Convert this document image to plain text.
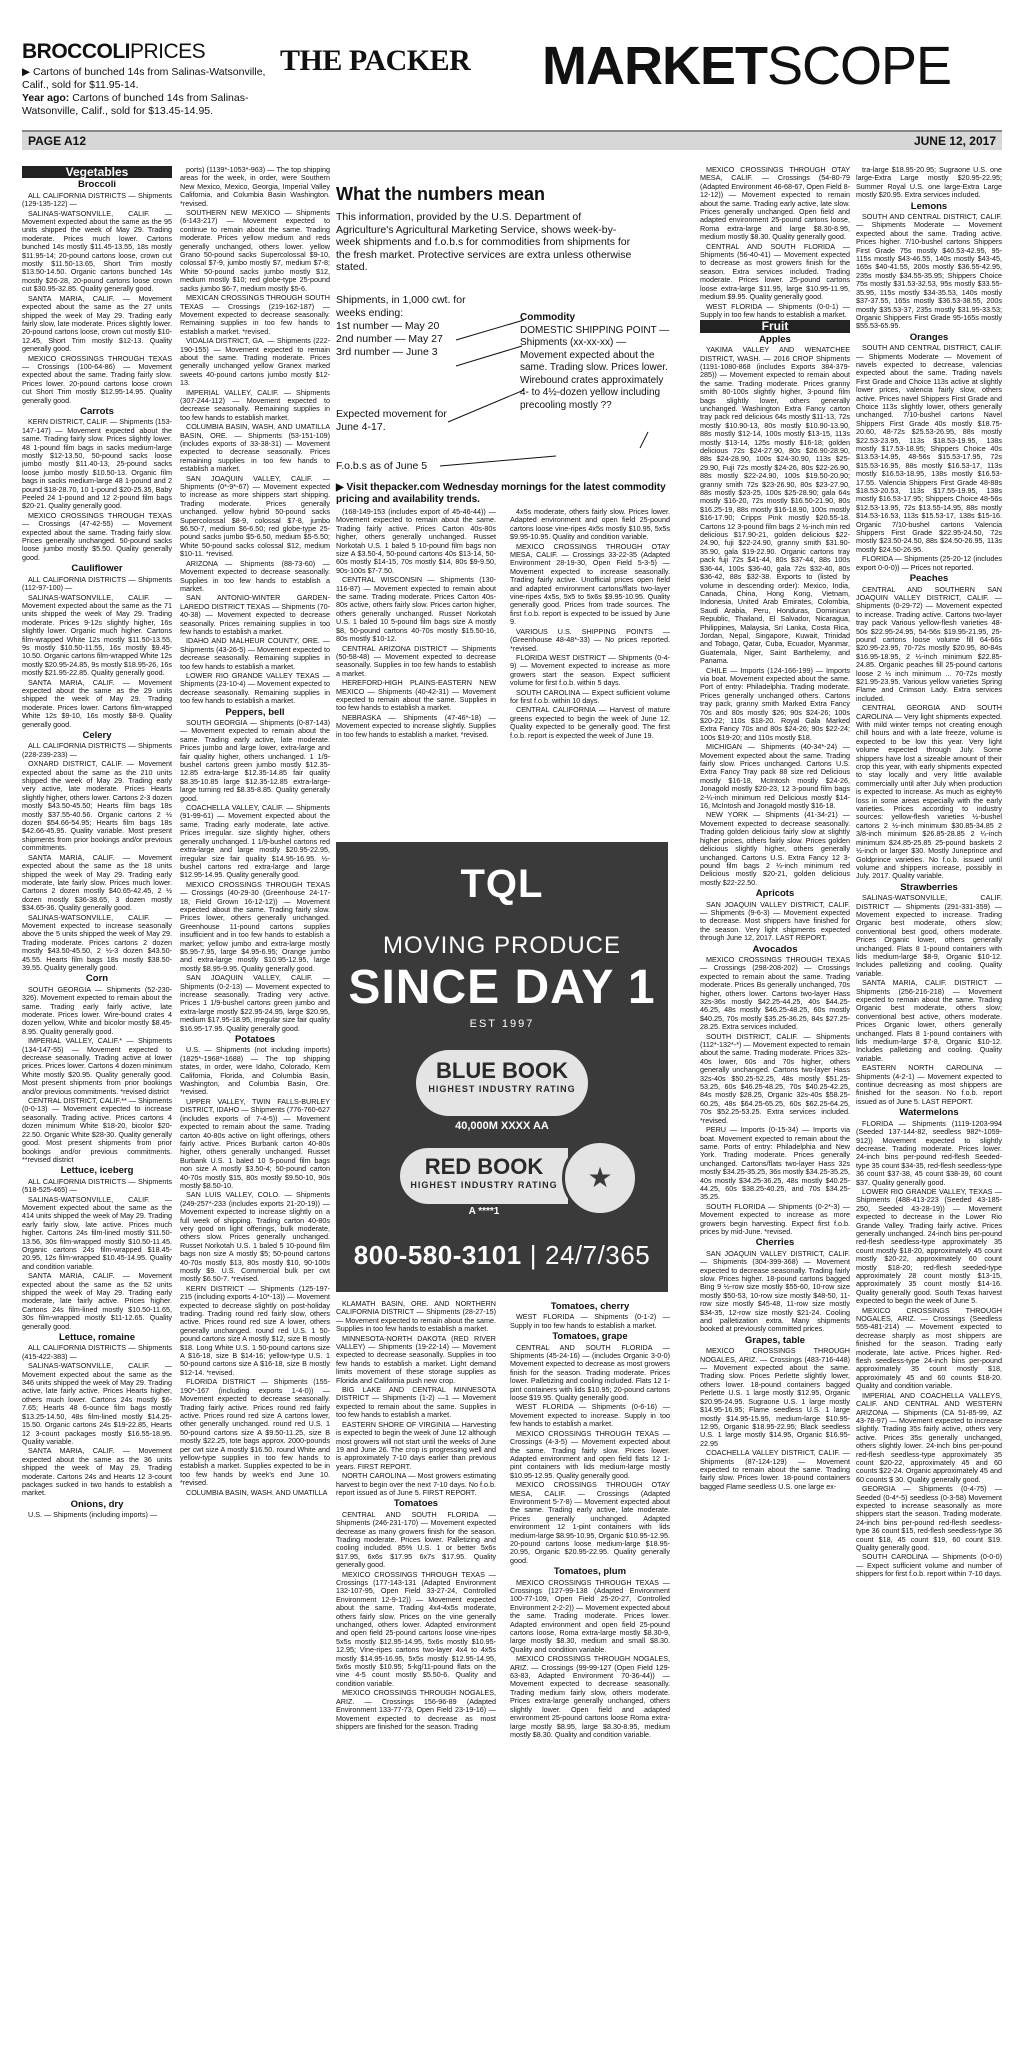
BROCCOLIPRICES
▶ Cartons of bunched 14s from Salinas-Watsonville, Calif., sold for $11.95-14.
Year ago: Cartons of bunched 14s from Salinas-Watsonville, Calif., sold for $13.45-14.95.
THE PACKER MARKETSCOPE
PAGE A12	JUNE 12, 2017
Vegetables
Broccoli

ALL CALIFORNIA DISTRICTS — Shipments (129-135-122) —

SALINAS-WATSONVILLE, CALIF. — Movement expected about the same as the 95 units shipped the week of May 29. Trading moderate. Prices much lower. Cartons bunched 14s mostly $11.45-13.55, 18s mostly $11.95-14; 20-pound cartons loose, crown cut mostly $11.50-13.65, Short Trim mostly $13.50-14.50. Organic cartons bunched 14s mostly $26-28, 20-pound cartons loose crown cut $30.95-32.85. Quality generally good.

SANTA MARIA, CALIF. — Movement expected about the same as the 27 units shipped the week of May 29. Trading early fairly slow, late moderate. Prices slightly lower. 20-pound cartons loose, crown cut mostly $10-12.45, Short Trim mostly $12-13. Quality generally good.

MEXICO CROSSINGS THROUGH TEXAS — Crossings (100-64-86) — Movement expected about the same. Trading fairly slow. Prices lower. 20-pound cartons loose crown cut Short Trim mostly $12.95-14.95. Quality generally good.

Carrots

KERN DISTRICT, CALIF. — Shipments (153-147-147) — Movement expected about the same. Trading fairly slow. Prices slightly lower. 48 1-pound film bags in sacks medium-large mostly $12-13.50, 50-pound sacks loose jumbo mostly $11.40-13, 25-pound sacks loose jumbo mostly $10.50-13. Organic film bags in sacks medium-large 48 1-pound and 2 pound $18-28.70, 10 1-pound $20-25.35, Baby Peeled 24 1-pound and 12 2-pound film bags $20-21. Quality generally good.

MEXICO CROSSINGS THROUGH TEXAS — Crossings (47-42-55) — Movement expected about the same. Trading fairly slow. Prices generally unchanged. 50-pound sacks loose jumbo mostly $5.50. Quality generally good.

Cauliflower

ALL CALIFORNIA DISTRICTS — Shipments (112-97-100) —

SALINAS-WATSONVILLE, CALIF. — Movement expected about the same as the 71 units shipped the week of May 29. Trading moderate. Prices 9-12s slightly higher, 16s slightly lower. Organic much higher. Cartons film-wrapped White 12s mostly $11.50-13.55, 9s mostly $10.50-11.55, 16s mostly $9.45-10.50. Organic cartons film-wrapped White 12s mostly $20.95-24.85, 9s mostly $18.95-26, 16s mostly $21.95-22.85. Quality generally good.

SANTA MARIA, CALIF. — Movement expected about the same as the 29 units shipped the week of May 29. Trading moderate. Prices lower. Cartons film-wrapped White 12s $9-10, 16s mostly $8-9. Quality generally good.

Celery

ALL CALIFORNIA DISTRICTS — Shipments (228-239-233) —

OXNARD DISTRICT, CALIF. — Movement expected about the same as the 210 units shipped the week of May 29. Trading early very active, late moderate. Prices Hearts slightly higher, others lower. Cartons 2-3 dozen mostly $43.50-45.50; Hearts film bags 18s mostly $37.55-40.56. Organic cartons 2 ½ dozen $54.66-54.95; Hearts film bags 18s $42.66-45.95. Quality variable. Most present shipments from prior bookings and/or previous commitments.

SANTA MARIA, CALIF. — Movement expected about the same as the 18 units shipped the week of May 29. Trading early moderate, late fairly slow. Prices much lower. Cartons 2 dozen mostly $40.65-42.45, 2 ½ dozen mostly $36-38.65, 3 dozen mostly $34.65-36. Quality generally good.

SALINAS-WATSONVILLE, CALIF. — Movement expected to increase seasonally above the 5 units shipped the week of May 29. Trading moderate. Prices cartons 2 dozen mostly $43.50-45.50, 2 ½-3 dozen $43.50-45.55. Hearts film bags 18s mostly $38.50-39.55. Quality generally good.

Corn

SOUTH GEORGIA — Shipments (52-230-326). Movement expected to remain about the same. Trading early fairly active, late moderate. Prices lower. Wire-bound crates 4 dozen yellow, White and bicolor mostly $8.45-8.95. Quality generally good.

IMPERIAL VALLEY, CALIF.* — Shipments (134-147-55) — Movement expected to decrease seasonally. Trading active at lower prices. Prices lower. Cartons 4 dozen minimum White mostly $20.95. Quality generally good. Most present shipments from prior bookings and/or previous commitments. *revised district

CENTRAL DISTRICT, CALIF.** — Shipments (0-0-13) — Movement expected to increase seasonally. Trading active. Prices cartons 4 dozen minimum White $18-20, bicolor $20-22.50. Organic White $28-30. Quality generally good. Most present shipments from prior bookings and/or previous commitments. **revised district

Lettuce, iceberg

ALL CALIFORNIA DISTRICTS — Shipments (518-525-465) —

SALINAS-WATSONVILLE, CALIF. — Movement expected about the same as the 414 units shipped the week of May 29. Trading early fairly slow, late active. Prices much higher. Cartons 24s film-lined mostly $11.50-13.56, 30s film-wrapped mostly $10.50-11.45. Organic cartons 24s film-wrapped $18.45-20.95, 12s film-wrapped $10.45-14.95. Quality and condition variable.

SANTA MARIA, CALIF. — Movement expected about the same as the 52 units shipped the week of May 29. Trading early moderate, late fairly active. Prices higher. Cartons 24s film-lined mostly $10.50-11.65, 30s film-wrapped mostly $11-12.65. Quality generally good.

Lettuce, romaine

ALL CALIFORNIA DISTRICTS — Shipments (415-422-383) —

SALINAS-WATSONVILLE, CALIF. — Movement expected about the same as the 346 units shipped the week of May 29. Trading active, late fairly active. Prices Hearts higher, others much lower. Cartons 24s mostly $6-7.65; Hearts 48 6-ounce film bags mostly $13.25-14.50, 48s film-lined mostly $14.25-15.50. Organic cartons 24s $19-22.85, Hearts 12 3-count packages mostly $16.55-18.95. Quality variable.

SANTA MARIA, CALIF. — Movement expected about the same as the 36 units shipped the week of May 29. Trading moderate. Cartons 24s and Hearts 12 3-count packages sucked in two hands to establish a market.

Onions, dry

U.S. — Shipments (including imports) —

ports) (1139*-1053*-963) — The top shipping areas for the week, in order, were Southern New Mexico, Mexico, Georgia, Imperial Valley California, and Columbia Basin Washington. *revised.

SOUTHERN NEW MEXICO — Shipments (6-143-217) — Movement expected to continue to remain about the same. Trading moderate. Prices yellow medium and reds generally unchanged, others lower. yellow Grano 50-pound sacks Supercolossal $9-10, colossal $7-9, jumbo mostly $7, medium $7-8; White 50-pound sacks jumbo mostly $12, medium mostly $10; red globe-type 25-pound sacks jumbo $6-7, medium mostly $5-6.

MEXICAN CROSSINGS THROUGH SOUTH TEXAS — Crossings (219-162-187) — Movement expected to decrease seasonally. Remaining supplies in too few hands to establish a market. *revised.

VIDALIA DISTRICT, GA. — Shipments (222-190-155) — Movement expected to remain about the same. Trading moderate. Prices generally unchanged yellow Granex marked sweets 40-pound cartons jumbo mostly $12-13.

IMPERIAL VALLEY, CALIF. — Shipments (307-244-112) — Movement expected to decrease seasonally. Remaining supplies in too few hands to establish market.

COLUMBIA BASIN, WASH. AND UMATILLA BASIN, ORE. — Shipments (53-151-109) (includes exports of 33-38-31) — Movement expected to decrease seasonally. Prices remaining supplies in too few hands to establish a market.

SAN JOAQUIN VALLEY, CALIF. — Shipments (0*-9*-67) — Movement expected to increase as more shippers start shipping. Trading moderate. Prices generally unchanged. yellow hybrid 50-pound sacks Supercolossal $8-9, colossal $7-8, jumbo $6.50-7, medium $6-6.50; red globe-type 25-pound sacks jumbo $5-6.50, medium $5-5.50; White 50-pound sacks colossal $12, medium $10-11. *revised.

ARIZONA — Shipments (88-73-60) — Movement expected to decrease seasonally. Supplies in too few hands to establish a market.

SAN ANTONIO-WINTER GARDEN-LAREDO DISTRICT TEXAS — Shipments (70-40-38) — Movement expected to decrease seasonally. Prices remaining supplies in too few hands to establish a market.

IDAHO AND MALHEUR COUNTY, ORE. — Shipments (43-26-5) — Movement expected to decrease seasonally. Remaining supplies in too few hands to establish a market.

LOWER RIO GRANDE VALLEY TEXAS — Shipments (23-10-4) — Movement expected to decrease seasonally. Remaining supplies in too few hands to establish a market.

Peppers, bell

SOUTH GEORGIA — Shipments (0-87-143) — Movement expected to remain about the same. Trading early active, late moderate. Prices jumbo and large lower, extra-large and fair quality higher, others unchanged. 1 1/9-bushel cartons green jumbo mostly $12.35-12.85 extra-large $12.35-14.85 fair quality $8.35-10.85 large $12.35-12.85 extra-large-large turning red $8.35-8.85. Quality generally good.

COACHELLA VALLEY, CALIF. — Shipments (91-99-61) — Movement expected about the same. Trading early moderate, late active. Prices irregular. size slightly higher, others generally unchanged. 1 1/9-bushel cartons red extra-large and large mostly $20.95-22.95, irregular size fair quality $14.95-16.95. ½-bushel cartons red extra-large and large $12.95-14.95. Quality generally good.

MEXICO CROSSINGS THROUGH TEXAS — Crossings (40-29-30 (Greenhouse 24-17- 18, Field Grown 16-12-12)) — Movement expected about the same. Trading fairly slow. Prices lower, others generally unchanged. Greenhouse 11-pound cartons supplies insufficient and in too few hands to establish a market; yellow jumbo and extra-large mostly $5.95-7.95, large $4.95-6.95; Orange jumbo and extra-large mostly $10.95-12.95, large mostly $8.95-9.95. Quality generally good.

SAN JOAQUIN VALLEY, CALIF. — Shipments (0-2-13) — Movement expected to increase seasonally. Trading very active. Prices 1 1/9-bushel cartons green jumbo and extra-large mostly $22.95-24.95, large $20.95, medium $17.95-18.95, irregular size fair quality $16.95-17.95. Quality generally good.

Potatoes

U.S. — Shipments (not including imports) (1825*-1968*-1688) — The top shipping states, in order, were Idaho, Colorado, Kern California, Florida, and Columbia Basin, Washington, and Columbia Basin, Ore. *revised.

UPPER VALLEY, TWIN FALLS-BURLEY DISTRICT, IDAHO — Shipments (776-760-627 (includes exports of 7-4-5)) — Movement expected to remain about the same. Trading carton 40-80s active on light offerings, others fairly active. Prices Burbank carton 40-80s higher, others generally unchanged. Russet Burbank U.S. 1 baled 10 5-pound film bags non size A mostly $3.50-4; 50-pound carton 40-70s mostly $15, 80s mostly $9.50-10, 90s mostly $8.50-10.

SAN LUIS VALLEY, COLO. — Shipments (249-257*-233 (includes exports 21-20-19)) — Movement expected to increase slightly on a full week of shipping. Trading carton 40-80s very good on light offerings, bulk moderate, others slow. Prices generally unchanged. Russet Norkotah U.S. 1 baled 5 10-pound film bags non size A mostly $5; 50-pound cartons 40-70s mostly $13, 80s mostly $10, 90-100s mostly $9. U.S. Commercial bulk per cwt mostly $6.50-7. *revised.

KERN DISTRICT — Shipments (125-197-215 (including exports 4-10*-13)) — Movement expected to decrease slightly on post-holiday trading. Trading round red fairly slow, others active. Prices round red size A lower, others generally unchanged. round red U.S. 1 50-pound cartons size A mostly $12, size B mostly $18. Long White U.S. 1 50-pound cartons size A $16-18, size B $14-16; yellow-type U.S. 1 50-pound cartons size A $16-18, size B mostly $12-14. *revised.

FLORIDA DISTRICT — Shipments (155-190*-167 (including exports 1-4-0)) — Movement expected to decrease seasonally. Trading fairly active. Prices round red fairly active. Prices round red size A cartons lower, other generally unchanged. round red U.S. 1 50-pound cartons size A $9.50-11.25, size B mostly $22.25, tote bags approx. 2000-pounds per cwt size A mostly $16.50. round White and yellow-type supplies in too few hands to establish a market. Supplies expected to be in too few hands by week's end June 10. *revised.

COLUMBIA BASIN, WASH. AND UMATILLA

What the numbers mean
This information, provided by the U.S. Department of Agriculture's Agricultural Marketing Service, shows week-by-week shipments and f.o.b.s for commodities from shipments for the fresh market. Protective services are extra unless otherwise stated.
Shipments, in 1,000 cwt. for weeks ending:
1st number — May 20
2nd number — May 27
3rd number — June 3
Commodity
DOMESTIC SHIPPING POINT — Shipments (xx-xx-xx) — Movement expected about the same. Trading slow. Prices lower. Wirebound crates approximately 4- to 4½-dozen yellow including precooling mostly ??
Expected movement for June 4-17.
F.o.b.s as of June 5
▶ Visit thepacker.com Wednesday mornings for the latest commodity pricing and availability trends.

(168-149-153 (includes export of 45-46-44)) — Movement expected to remain about the same. Trading fairly active. Prices Carton 40s-80s higher, others generally unchanged. Russet Norkotah U.S. 1 baled 5 10-pound film bags non size A $3.50-4, 50-pound cartons 40s $13-14, 50-60s mostly $14-15, 70s mostly $14, 80s $9-9.50, 90s-100s $7-7.50.

CENTRAL WISCONSIN — Shipments (130-116-87) — Movement expected to remain about the same. Trading moderate. Prices Carton 40s-80s active, others fairly slow. Prices carton higher, others generally unchanged. Russet Norkotah U.S. 1 baled 10 5-pound film bags size A mostly $8, 50-pound cartons 40-70s mostly $15.50-16, 80s mostly $10-12.

CENTRAL ARIZONA DISTRICT — Shipments (50-58-48) — Movement expected to decrease seasonally. Supplies in too few hands to establish a market.

HEREFORD-HIGH PLAINS-EASTERN NEW MEXICO — Shipments (40-42-31) — Movement expected to remain about the same. Supplies in too few hands to establish a market.

NEBRASKA — Shipments (47-46*-18) — Movement expected to increase slightly. Supplies in too few hands to establish a market. *revised.

KLAMATH BASIN, ORE. AND NORTHERN CALIFORNIA DISTRICT — Shipments (28-27-15) — Movement expected to remain about the same. Supplies in too few hands to establish a market.

MINNESOTA-NORTH DAKOTA (RED RIVER VALLEY) — Shipments (19-22-14) — Movement expected to decrease seasonally. Supplies in too few hands to establish a market. Light demand limits movement of these storage supplies as Florida and California push new crop.

BIG LAKE AND CENTRAL MINNESOTA DISTRICT — Shipments (1-2) —1 — Movement expected to remain about the same. Supplies in too few hands to establish a market.

EASTERN SHORE OF VIRGINIA — Harvesting is expected to begin the week of June 12 although most growers will not start until the weeks of June 19 and June 26. The crop is progressing well and is approximately 7-10 days earlier than previous years. FIRST REPORT.

NORTH CAROLINA — Most growers estimating harvest to begin over the next 7-10 days. No f.o.b. report issued as of June 5. FIRST REPORT.

Tomatoes

CENTRAL AND SOUTH FLORIDA — Shipments (246-231-170) — Movement expected decrease as many growers finish for the season. Trading moderate. Prices lower. Palletizing and cooling included. 85% U.S. 1 or better 5x6s $17.95, 6x6s $17.95 6x7s $17.95. Quality generally good.

MEXICO CROSSINGS THROUGH TEXAS — Crossings (177-143-131 (Adapted Environment 132-107-95, Open Field 33-27-24, Controlled Environment 12-9-12)) — Movement expected about the same. Trading 4x4-4x5s moderate, others fairly slow. Prices on the vine generally unchanged, others lower. Adapted environment and open field 25-pound cartons loose vine-ripes 5x5s mostly $12.95-14.95, 5x6s mostly $10.95-12.95; Vine-ripes cartons two-layer 4x4 to 4x5s mostly $14.95-16.95, 5x5s mostly $12.95-14.95, 5x6s mostly $10.95; 5-kg/11-pound flats on the vine 4-5 count mostly $5.50-6. Quality and condition variable.

MEXICO CROSSINGS THROUGH NOGALES, ARIZ. — Crossings 156-96-89 (Adapted Environment 133-77-73, Open Field 23-19-16) — Movement expected to decrease as most shippers are finished for the season. Trading

4x5s moderate, others fairly slow. Prices lower. Adapted environment and open field 25-pound cartons loose vine-ripes 4x5s mostly $10.95, 5x5s $9.95-10.95. Quality and condition variable.

MEXICO CROSSINGS THROUGH OTAY MESA, CALIF. — Crossings 33-22-35 (Adapted Environment 28-19-30, Open Field 5-3-5) — Movement expected to increase seasonally. Trading fairly active. Unofficial prices open field and adapted environment cartons/flats two-layer vine-ripes 4x5s, 5x5 to 5x6s $9.95-10.95. Quality generally good. Prices from trade sources. The first f.o.b. report is expected to be issued by June 9.

VARIOUS U.S. SHIPPING POINTS — (Greenhouse 48-48*-33) — No prices reported. *revised.

FLORIDA WEST DISTRICT — Shipments (0-4-9) — Movement expected to increase as more growers start the season. Expect sufficient volume for first f.o.b. within 5 days.

SOUTH CAROLINA — Expect sufficient volume for first f.o.b. within 10 days.

CENTRAL CALIFORNIA — Harvest of mature greens expected to begin the week of June 12. Quality expected to be generally good. The first f.o.b. report is expected the week of June 19.

Tomatoes, cherry

WEST FLORIDA — Shipments (0-1-2) — Supply in too few hands to establish a market.

Tomatoes, grape

CENTRAL AND SOUTH FLORIDA — Shipments (45-24-16) — (includes Organic 3-0-0) Movement expected to decrease as most growers finish for the season. Trading moderate. Prices lower. Palletizing and cooling included. Flats 12 1-pint containers with lids $10.95; 20-pound cartons loose $19.95. Quality generally good.

WEST FLORIDA — Shipments (0-6-16) — Movement expected to increase. Supply in too few hands to establish a market.

MEXICO CROSSINGS THROUGH TEXAS — Crossings (4-3-5) — Movement expected about the same. Trading fairly slow. Prices lower. Adapted environment and open field flats 12 1-pint containers with lids medium-large mostly $10.95-12.95. Quality generally good.

MEXICO CROSSINGS THROUGH OTAY MESA, CALIF. — Crossings (Adapted Environment 5-7-8) — Movement expected about the same. Trading early active, late moderate. Prices generally unchanged. Adapted environment 12 1-pint containers with lids medium-large $8.95-10.95, Organic $10.95-12.95. 20-pound cartons loose medium-large $18.95-20.95, Organic $20.95-22.95. Quality generally good.

Tomatoes, plum

MEXICO CROSSINGS THROUGH TEXAS — Crossings (127-99-138 (Adapted Environment 100-77-109, Open Field 25-20-27, Controlled Environment 2-2-2)) — Movement expected about the same. Trading moderate. Prices lower. Adapted environment and open field 25-pound cartons loose, Roma extra-large mostly $8.30-9, large mostly $8.30, medium and small $8.30. Quality and condition variable.

MEXICO CROSSINGS THROUGH NOGALES, ARIZ. — Crossings (99-99-127 (Open Field 129-63-83, Adapted Environment 70-36-44)) — Movement expected to decrease seasonally. Trading medium fairly slow, others moderate. Prices extra-large generally unchanged, others slightly lower. Open field and adapted environment 25-pound cartons loose Roma extra-large mostly $8.95, large $8.30-8.95, medium mostly $8.30. Quality and condition variable.

TQL
MOVING PRODUCE
SINCE DAY 1
EST 1997
BLUE BOOK
HIGHEST INDUSTRY RATING
40,000M XXXX AA
RED BOOK
HIGHEST INDUSTRY RATING
A ****1
★
800-580-3101 | 24/7/365

MEXICO CROSSINGS THROUGH OTAY MESA, CALIF. — Crossings (54-80-79 (Adapted Environment 46-68-67, Open Field 8-12-12)) — Movement expected to remain about the same. Trading early active, late slow. Prices generally unchanged. Open field and adapted environment 25-pound cartons loose, Roma extra-large and large $8.30-8.95, medium mostly $8.30. Quality generally good.

CENTRAL AND SOUTH FLORIDA — Shipments (56-40-41) — Movement expected to decrease as most growers finish for the season. Extra services included. Trading moderate. Prices lower. 25-pound cartons loose extra-large $11.95, large $10.95-11.95, medium $9.95. Quality generally good.

WEST FLORIDA — Shipments (0-0-1) — Supply in too few hands to establish a market.

Fruit
Apples

YAKIMA VALLEY AND WENATCHEE DISTRICT, WASH. — 2016 CROP Shipments (1191-1080-868 (includes Exports 384-379-285)) — Movement expected to remain about the same. Trading moderate. Prices granny smith 80-100s slightly higher, 3-pound film bags slightly lower, others generally unchanged. Washington Extra Fancy carton tray pack red delicious 64s mostly $11-13, 72s mostly $10.90-13, 80s mostly $10.90-13.90, 88s mostly $12-14, 100s mostly $13-15, 113s mostly $13-14, 125s mostly $16-18; golden delicious 72s $24-27.90, 80s $26.90-28.90, 88s $24-28.90, 100s $24-30.90, 113s $25-29.90, Fuji 72s mostly $24-26, 80s $22-26.90, 88s mostly $22-24.90, 100s $19.50-20.90; granny smith 72s $23-26.90, 80s $23-27.90, 88s mostly $23-25, 100s $25-28.90; gala 64s mostly $16-20, 72s mostly $16.50-21.90, 80s $16.25-19, 88s mostly $16-18.90, 100s mostly $16-17.90; Cripps Pink mostly $20.55-18. Cartons 12 3-pound film bags 2 ½-inch min red delicious $17.90-21, golden delicious $22-24.90, fuji $22-24.90, granny smith $31.90-35.90, gala $19-22.90. Organic cartons tray pack fuji 72s $41-44, 80s $37-44, 88s 100s $36-44, 100s $36-40, gala 72s $32-40, 80s $36-42, 88s $32-38. Exports to (listed by volume in descending order): Mexico, India, Canada, China, Hong Kong, Vietnam, Indonesia, United Arab Emirates, Colombia, Saudi Arabia, Peru, Honduras, Dominican Republic, Thailand, El Salvador, Nicaragua, Philippines, Malaysia, Sri Lanka, Costa Rica, Jordan, Nepal, Singapore, Kuwait, Trinidad and Tobago, Qatar, Cuba, Ecuador, Myanmar, Guatemala, Niger, Saint Barthelemy, and Panama.

CHILE — Imports (124-166-199) — Imports via boat. Movement expected about the same. Port of entry: Philadelphia. Trading moderate. Prices generally unchanged others. Cartons tray pack, granny smith Marked Extra Fancy 70s and 80s mostly $26; 90s $24-26; 100s $20-22; 110s $18-20. Royal Gala Marked Extra Fancy 70s and 80s $24-26; 90s $22-24; 100s $19-20; and 110s mostly $18.

MICHIGAN — Shipments (40-34*-24) — Movement expected about the same. Trading fairly slow. Prices unchanged. Cartons U.S. Extra Fancy Tray pack 88 size red Delicious mostly $16-18, McIntosh mostly $24-26, Jonagold mostly $20-23, 12 3-pound film bags 2-¼-inch minimum red Delicious mostly $14-16, McIntosh and Jonagold mostly $16-18.

NEW YORK — Shipments (41-34-21) — Movement expected to decrease seasonally. Trading golden delicious fairly slow at slightly higher prices, others fairly slow. Prices golden delicious slightly higher, others generally unchanged. Cartons U.S. Extra Fancy 12 3-pound film bags 2 ¼-inch minimum red Delicious mostly $20-21, golden delicious mostly $22-22.50.

Apricots

SAN JOAQUIN VALLEY DISTRICT, CALIF. — Shipments (9-6-3) — Movement expected to decrease. Most shippers have finished for the season. Very light shipments expected through June 12, 2017. LAST REPORT.

Avocados

MEXICO CROSSINGS THROUGH TEXAS — Crossings (298-208-202) — Crossings expected to remain about the same. Trading moderate. Prices Bs generally unchanged, 70s higher, others lower. Cartons two-layer Hass 32s-36s mostly $42.25-44.25, 40s $44.25-46.25, 48s mostly $46.25-48.25, 60s mostly $40.25, 70s mostly $35.25-36.25, 84s $27.25-28.25. Extra services included.

SOUTH DISTRICT, CALIF. — Shipments (112*-132*-*) — Movement expected to remain about the same. Trading moderate. Prices 32s-40s lower, 60s and 70s higher, others generally unchanged. Cartons two-layer Hass 32s-40s $50.25-52.25, 48s mostly $51.25-53.25, 60s $46.25-48.25, 70s $40.25-42.25, 84s mostly $28.25, Organic 32s-40s $58.25-60.25, 48s $64.25-65.25, 60s $62.25-64.25, 70s $52.25-53.25. Extra services included. *revised.

PERU — Imports (0-15-34) — Imports via boat. Movement expected to remain about the same. Ports of entry: Philadelphia and New York. Trading moderate. Prices generally unchanged. Cartons/flats two-layer Hass 32s mostly $34.25-35.25, 36s mostly $34.25-35.25, 40s mostly $34.25-36.25, 48s mostly $40.25-44.25, 60s $38.25-40.25, and 70s $34.25-35.25.

SOUTH FLORIDA — Shipments (0-2*-3) — Movement expected to increase as more growers begin harvesting. Expect first f.o.b. prices by mid-June. *revised.

Cherries

SAN JOAQUIN VALLEY DISTRICT, CALIF. — Shipments (304-399-368) — Movement expected to decrease seasonally. Trading fairly slow. Prices higher. 18-pound cartons bagged Bing 9 ½-row size mostly $55-60, 10-row size mostly $50-53, 10-row size mostly $48-50, 11-row size mostly $45-48, 11-row size mostly $34-35, 12-row size mostly $21-24. Cooling and palletization extra. Many shipments booked at previously committed prices.

Grapes, table

MEXICO CROSSINGS THROUGH NOGALES, ARIZ. — Crossings (483-716-448) — Movement expected about the same. Trading slow. Prices Perlette slightly lower, others lower. 18-pound containers bagged Perlette U.S. 1 large mostly $12.95, Organic $20.95-24.95. Sugraone U.S. 1 large mostly $14.95-16.95; Flame seedless U.S. 1 large mostly $14.95-15.95, medium-large $10.95-12.95, Organic $18.95-22.95; Black seedless U.S. 1 large mostly $14.95, Organic $16.95-22.95

COACHELLA VALLEY DISTRICT, CALIF. — Shipments (87-124-129) — Movement expected to remain about the same. Trading fairly slow. Prices lower. 18-pound containers bagged Flame seedless U.S. one large ex-

tra-large $18.95-20.95; Sugraone U.S. one large-Extra Large mostly $20.95-22.95; Summer Royal U.S. one large-Extra Large mostly $20.95. Extra services included.

Lemons

SOUTH AND CENTRAL DISTRICT, CALIF. — Shipments Moderate — Movement expected about the same. Trading active. Prices higher. 7/10-bushel cartons Shippers First Grade 75s mostly $40.53-42.95, 95-115s mostly $43-46.55, 140s mostly $43-45, 165s $40-41.55, 200s mostly $36.55-42.95, 235s mostly $34.55-35.95; Shippers Choice 75s mostly $31.53-32.53, 95s mostly $33.55-35.95, 115s mostly $34-35.53, 140s mostly $37-37.55, 165s mostly $36.53-38.55, 200s mostly $35.53-37, 235s mostly $31.95-33.53; Organic Shippers First Grade 95-165s mostly $55.53-65.95.

Oranges

SOUTH AND CENTRAL DISTRICT, CALIF. — Shipments Moderate — Movement of navels expected to decrease, valencias expected about the same. Trading navels First Grade and Choice 113s active at slightly lower prices, valencia fairly slow, others active. Prices navel Shippers First Grade and Choice 113s slightly lower, others generally unchanged. 7/10-bushel cartons Navel Shippers First Grade 40s mostly $18.75-20.60, 48-72s $25.53-26.95, 88s mostly $22.53-23.95, 113s $18.53-19.95, 138s mostly $17.53-18.95; Shippers Choice 40s $13.53-14.95, 48-56s $15.53-17.95, 72s $15.53-16.95, 88s mostly $16.53-17, 113s mostly $16.53-18.95, 138s mostly $16.53-17.55. Valencia Shippers First Grade 48-88s $18.53-20.53, 113s $17.55-19.95, 138s mostly $16.53-17.95; Shippers Choice 48-56s $12.53-13.95, 72s $13.55-14.95, 88s mostly $14.53-16.53, 113s $15.53-17, 138s $15-16. Organic 7/10-bushel cartons Valencia Shippers First Grade $22.95-24.50, 72s mostly $23.50-24.50, 88s $24.50-26.95, 113s mostly $24.50-26.95.

FLORIDA — Shipments (25-20-12 (includes export 0-0-0)) — Prices not reported.

Peaches

CENTRAL AND SOUTHERN SAN JOAQUIN VALLEY DISTRICT, CALIF. — Shipments (0-29-72) — Movement expected to increase. Trading active. Cartons two-layer tray pack Various yellow-flesh varieties 48-50s $22.95-24.95, 54-56s $19.95-21.95, 25-pound cartons loose volume fill 64-66s $20.95-23.95, 70-72s mostly $20.95, 80-84s $16.95-18.95, 2 ½-inch minimum $22.85-24.85. Organic peaches fill 25-pound cartons loose 2 ½ inch minimum ... 70-72s mostly $21.95-23.95. Various yellow varieties Spring Flame and Crimson Lady. Extra services included.

CENTRAL GEORGIA AND SOUTH CAROLINA — Very light shipments expected. With mild winter temps not creating enough chill hours and with a late freeze, volume is expected to be low this year. Very light volume expected through July. Some shippers have lost a sizeable amount of their crop this year, with early shipments expected to stay locally and very little available commercially until after July when production is expected to increase. As much as eighty% loss in some areas especially with the early varieties. Prices according to industry sources: yellow-flesh varieties ½-bushel cartons 2 ½-inch minimum $30.85-34.85 2 3/8-inch minimum $26.85-28.85 2 ¼-inch minimum $24.85-25.85 25-pound baskets 2 ½-inch or larger $30. Mostly Juneprince and Goldprince varieties. No f.o.b. issued until volume and shippers increase, possibly in July. 2017. Quality variable.

Strawberries

SALINAS-WATSONVILLE, CALIF. DISTRICT — Shipments (291-331-359) — Movement expected to increase. Trading Organic best moderate, others slow; conventional best good, others moderate. Prices Organic lower, others generally unchanged. Flats 8 1-pound containers with lids medium-large $8-9, Organic $10-12. Includes palletizing and cooling. Quality variable.

SANTA MARIA, CALIF. DISTRICT — Shipments (256-216-218) — Movement expected to remain about the same. Trading Organic best moderate, others slow; conventional best active, others moderate. Prices Organic lower, others generally unchanged. Flats 8 1-pound containers with lids medium-large $7-8, Organic $10-12. Includes palletizing and cooling. Quality variable.

EASTERN NORTH CAROLINA — Shipments (4-2-1) — Movement expected to continue decreasing as most shippers are finished for the season. No f.o.b. report issued as of June 5. LAST REPORT.

Watermelons

FLORIDA — Shipments (1119-1203-994 (Seeded 137-144-82, seedless 982*-1059-912)) Movement expected to slightly decrease. Trading moderate. Prices lower. 24-inch bins per-pound red-flesh Seeded-type 35 count $34-35, red-flesh seedless-type 36 count $37-38, 45 count $38-39, 60 count $37. Quality generally good.

LOWER RIO GRANDE VALLEY, TEXAS — Shipments (488-413-223 (Seeded 43-185-250, Seeded 43-28-19)) — Movement expected to decrease in the Lower Rio Grande Valley. Trading fairly active. Prices generally unchanged. 24-inch bins per-pound red-flesh seedless-type approximately 35 count mostly $18-20, approximately 45 count mostly $20-22, approximately 60 count mostly $18-20; red-flesh seeded-type approximately 28 count mostly $13-15, approximately 35 count mostly $14-16. Quality generally good. South Texas harvest expected to begin the week of June 5.

MEXICO CROSSINGS THROUGH NOGALES, ARIZ. — Crossings (Seedless 555-481-214) — Movement expected to decrease sharply as most shippers are finished for the season. Trading early moderate, late active. Prices higher. Red-flesh seedless-type 24-inch bins per-pound approximately 35 count mostly $18, approximately 45 and 60 counts $18-20. Quality and condition variable.

IMPERIAL AND COACHELLA VALLEYS, CALIF. AND CENTRAL AND WESTERN ARIZONA — Shipments (CA 51-85-99, AZ 43-78-97) — Movement expected to increase slightly. Trading 35s fairly active, others very active. Prices 35s generally unchanged, others slightly lower. 24-inch bins per-pound red-flesh seedless-type approximately 35 count $20-22, approximately 45 and 60 counts $22-24. Organic approximately 45 and 60 counts $ 30. Quality generally good.

GEORGIA — Shipments (0-4-75) — Seeded (0-4*-5) seedless (0-3-58) Movement expected to increase seasonally as more shippers start the season. Trading moderate. 24-inch bins per-pound red-flesh seedless-type 36 count $15, red-flesh seedless-type 36 count $18, 45 count $19, 60 count $19. Quality generally good.

SOUTH CAROLINA — Shipments (0-0-0) — Expect sufficient volume and number of shippers for first f.o.b. report within 7-10 days.
